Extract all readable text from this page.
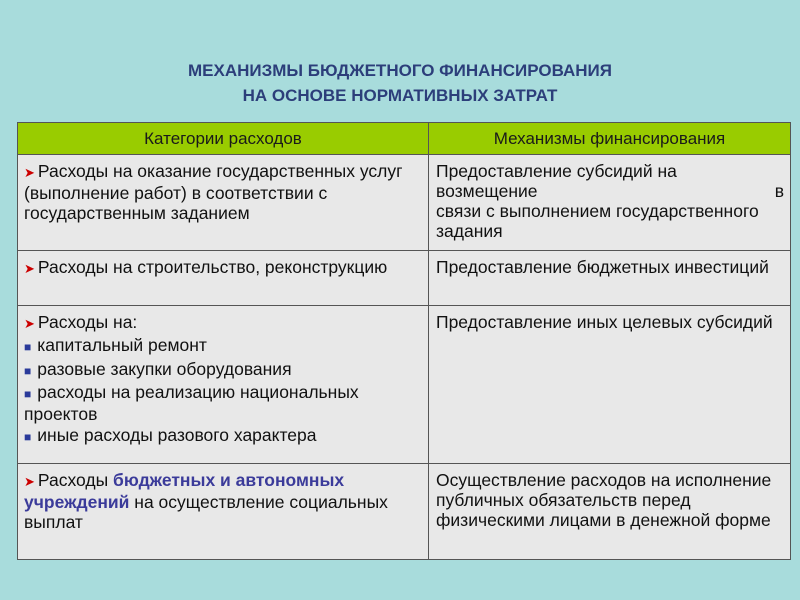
МЕХАНИЗМЫ БЮДЖЕТНОГО ФИНАНСИРОВАНИЯ
НА ОСНОВЕ НОРМАТИВНЫХ ЗАТРАТ
Категории расходов	Механизмы финансирования
➤ Расходы на оказание государственных услуг (выполнение работ) в соответствии с государственным заданием	Предоставление субсидий на
возмещение в
связи с выполнением государственного задания

➤ Расходы на строительство, реконструкцию	Предоставление бюджетных инвестиций

➤ Расходы на:
■ капитальный ремонт
■ разовые закупки оборудования
■ расходы на реализацию национальных проектов
■ иные расходы разового характера	Предоставление иных целевых субсидий
➤ Расходы бюджетных и автономных учреждений на осуществление социальных выплат	Осуществление расходов на исполнение публичных обязательств перед физическими лицами в денежной форме
